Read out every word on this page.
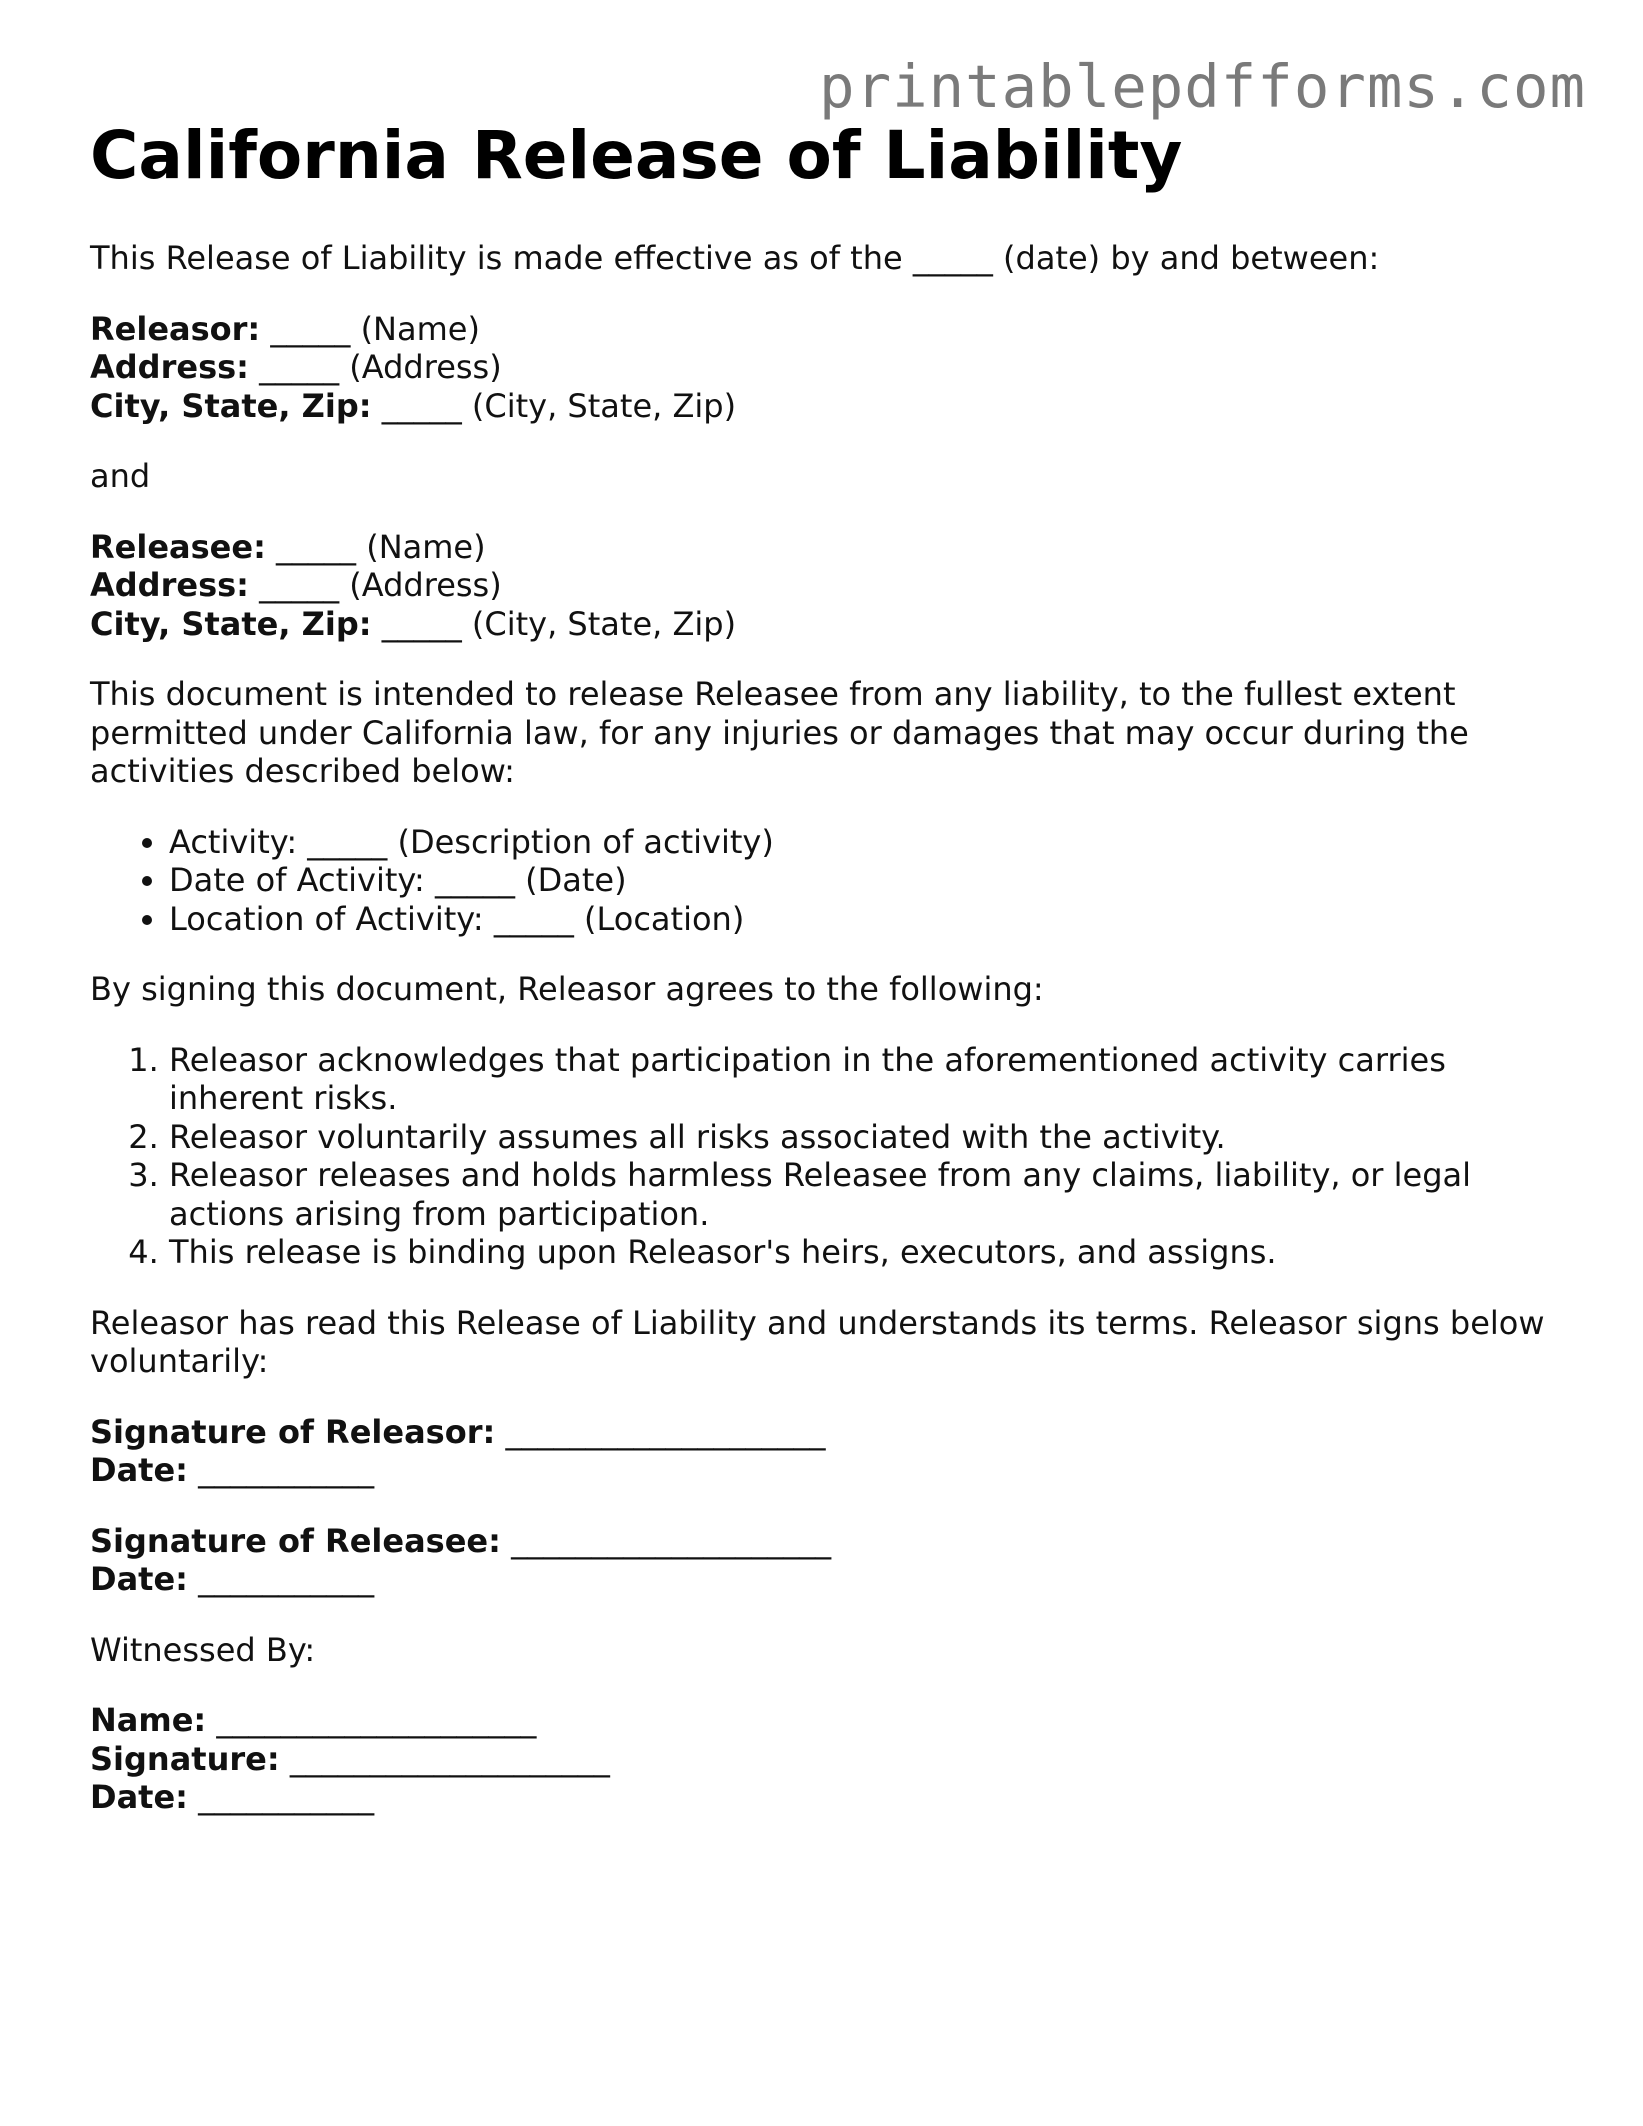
printablepdfforms.com
California Release of Liability

This Release of Liability is made effective as of the _____ (date) by and between:

Releasor: _____ (Name)
Address: _____ (Address)
City, State, Zip: _____ (City, State, Zip)

and

Releasee: _____ (Name)
Address: _____ (Address)
City, State, Zip: _____ (City, State, Zip)

This document is intended to release Releasee from any liability, to the fullest extent permitted under California law, for any injuries or damages that may occur during the activities described below:

• Activity: _____ (Description of activity)
• Date of Activity: _____ (Date)
• Location of Activity: _____ (Location)

By signing this document, Releasor agrees to the following:

1. Releasor acknowledges that participation in the aforementioned activity carries inherent risks.
2. Releasor voluntarily assumes all risks associated with the activity.
3. Releasor releases and holds harmless Releasee from any claims, liability, or legal actions arising from participation.
4. This release is binding upon Releasor's heirs, executors, and assigns.

Releasor has read this Release of Liability and understands its terms. Releasor signs below voluntarily:

Signature of Releasor: ____________________
Date: ___________
Signature of Releasee: ____________________
Date: ___________

Witnessed By:

Name: ____________________
Signature: ____________________
Date: ___________
